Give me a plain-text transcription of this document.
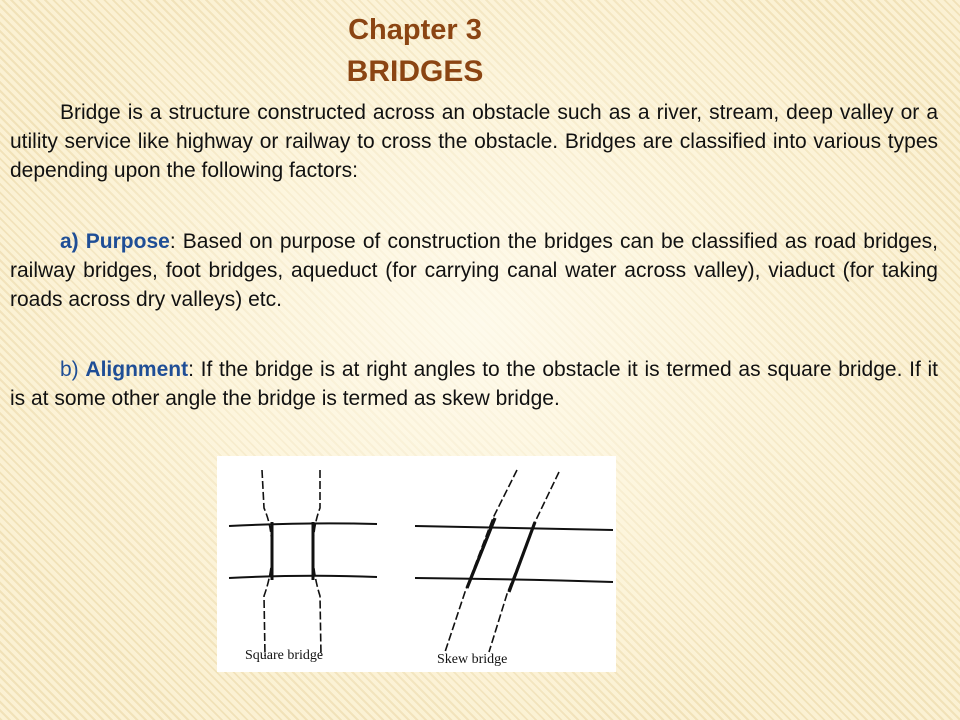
Chapter 3
BRIDGES

Bridge is a structure constructed across an obstacle such as a river, stream, deep valley or a utility service like highway or railway to cross the obstacle. Bridges are classified into various types depending upon the following factors:

a) Purpose: Based on purpose of construction the bridges can be classified as road bridges, railway bridges, foot bridges, aqueduct (for carrying canal water across valley), viaduct (for taking roads across dry valleys) etc.

b) Alignment: If the bridge is at right angles to the obstacle it is termed as square bridge. If it is at some other angle the bridge is termed as skew bridge.

Square bridge	Skew bridge
